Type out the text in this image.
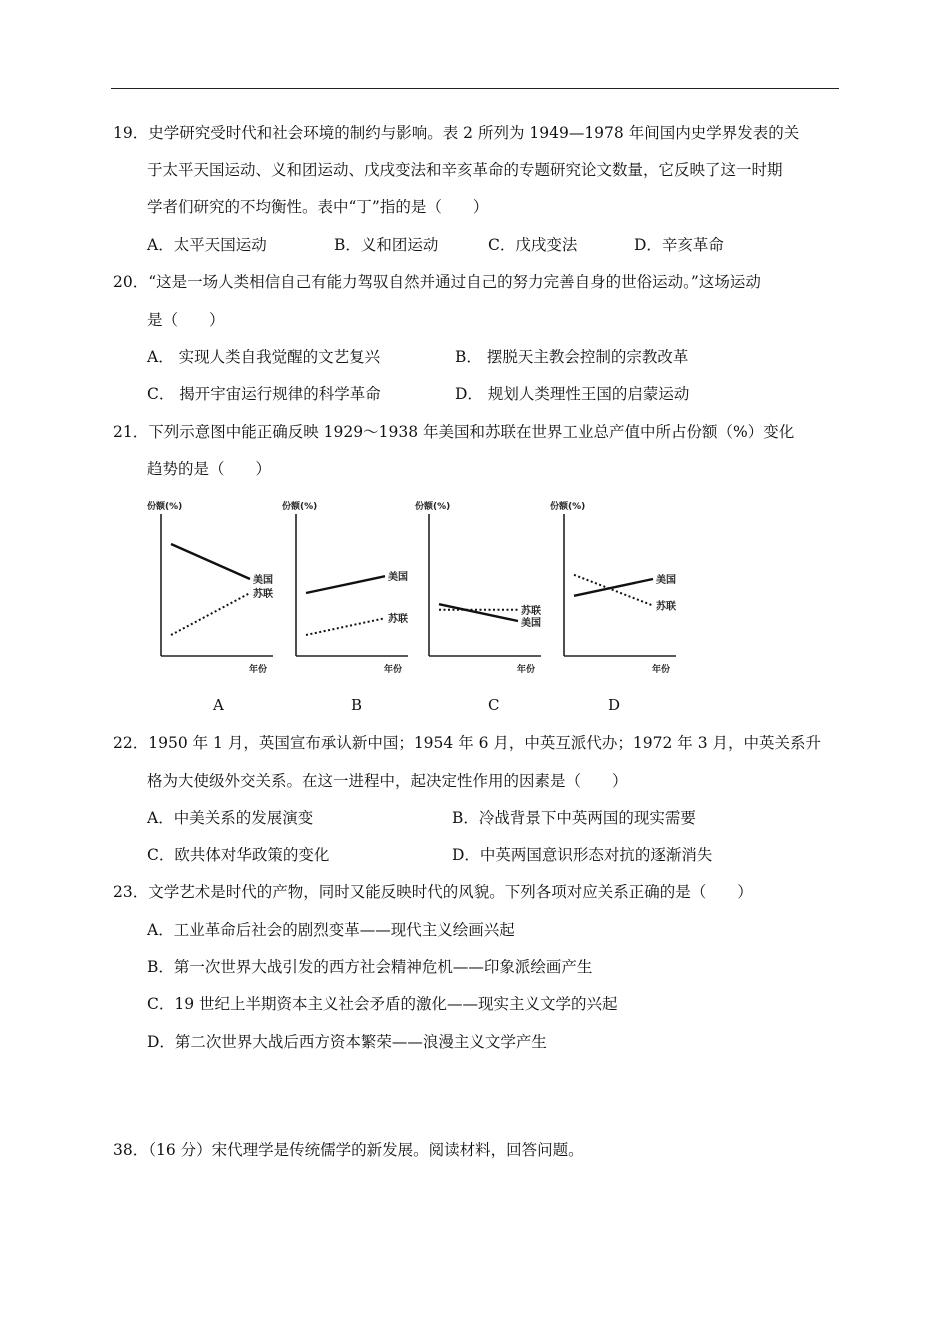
19．史学研究受时代和社会环境的制约与影响。表 2 所列为 1949—1978 年间国内史学界发表的关
于太平天国运动、义和团运动、戊戌变法和辛亥革命的专题研究论文数量，它反映了这一时期
学者们研究的不均衡性。表中“丁”指的是（　　）
A．太平天国运动	B．义和团运动	C．戊戌变法	D．辛亥革命
20．“这是一场人类相信自己有能力驾驭自然并通过自己的努力完善自身的世俗运动。”这场运动
是（　　）
A． 实现人类自我觉醒的文艺复兴	B． 摆脱天主教会控制的宗教改革
C． 揭开宇宙运行规律的科学革命	D． 规划人类理性王国的启蒙运动
21．下列示意图中能正确反映 1929～1938 年美国和苏联在世界工业总产值中所占份额（%）变化
趋势的是（　　）
份额(%)
年份
美国
苏联
份额(%)
年份
美国
苏联
份额(%)
年份
苏联
美国
份额(%)
年份
美国
苏联
A	B	C	D
22．1950 年 1 月，英国宣布承认新中国；1954 年 6 月，中英互派代办；1972 年 3 月，中英关系升
格为大使级外交关系。在这一进程中，起决定性作用的因素是（　　）
A．中美关系的发展演变	B．冷战背景下中英两国的现实需要
C．欧共体对华政策的变化	D．中英两国意识形态对抗的逐渐消失
23．文学艺术是时代的产物，同时又能反映时代的风貌。下列各项对应关系正确的是（　　）
A．工业革命后社会的剧烈变革——现代主义绘画兴起
B．第一次世界大战引发的西方社会精神危机——印象派绘画产生
C．19 世纪上半期资本主义社会矛盾的激化——现实主义文学的兴起
D．第二次世界大战后西方资本繁荣——浪漫主义文学产生
38．（16 分）宋代理学是传统儒学的新发展。阅读材料，回答问题。
